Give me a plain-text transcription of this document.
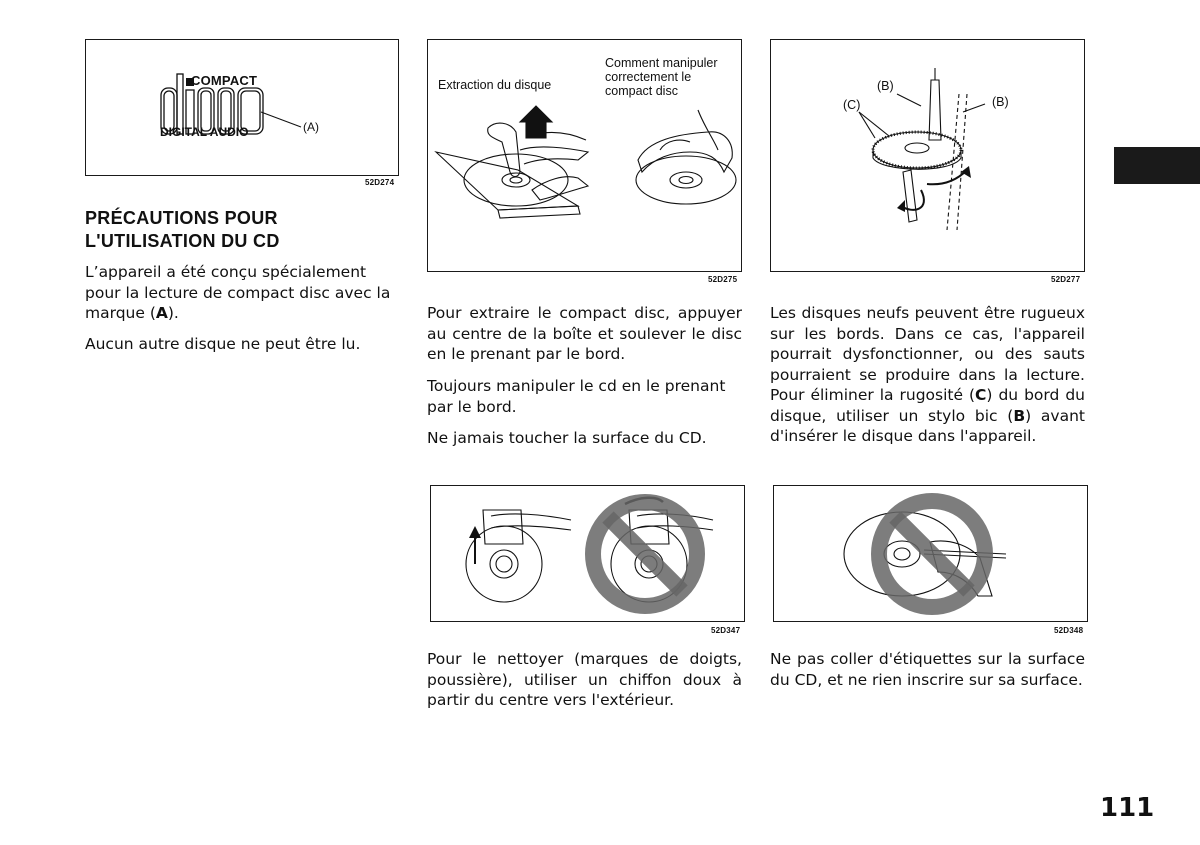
COMPACT
DIGITAL AUDIO	(A)
52D274
Extraction du disque
Comment manipuler
correctement le
compact disc
52D275
(B)
(B)
(C)
52D277
52D347	52D348
PRÉCAUTIONS POUR
L'UTILISATION DU CD

L’appareil a été conçu spécialement pour la lecture de compact disc avec la marque (A).

Aucun autre disque ne peut être lu.

Pour extraire le compact disc, appuyer au centre de la boîte et soulever le disc en le prenant par le bord.

Toujours manipuler le cd en le prenant par le bord.

Ne jamais toucher la surface du CD.

Pour le nettoyer (marques de doigts, poussière), utiliser un chiffon doux à partir du centre vers l'extérieur.

Les disques neufs peuvent être rugueux sur les bords. Dans ce cas, l'appareil pourrait dysfonctionner, ou des sauts pourraient se produire dans la lecture. Pour éliminer la rugosité (C) du bord du disque, utiliser un stylo bic (B) avant d'insérer le disque dans l'appareil.

Ne pas coller d'étiquettes sur la surface du CD, et ne rien inscrire sur sa surface.

111
